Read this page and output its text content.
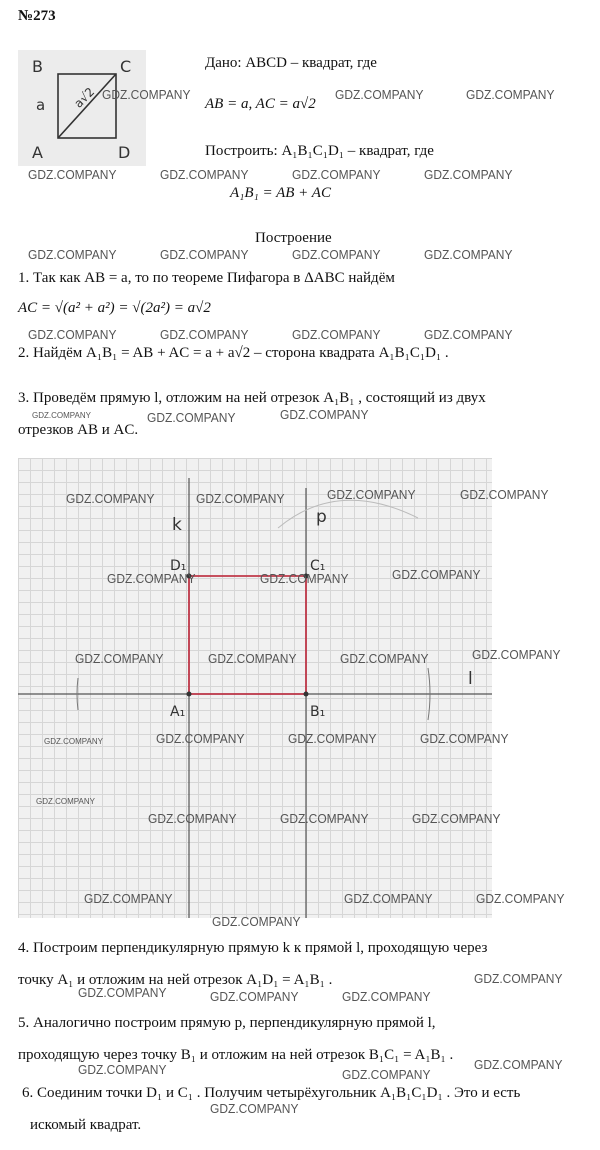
№273
B	C
A	D
a a√2
Дано: ABCD – квадрат, где
AB = a, AC = a√2
Построить: A₁B₁C₁D₁ – квадрат, где
A₁B₁ = AB + AC
Построение
1. Так как AB = a, то по теореме Пифагора в ΔABC найдём
AC = √(a² + a²) = √(2a²) = a√2
2. Найдём A₁B₁ = AB + AC = a + a√2 – сторона квадрата A₁B₁C₁D₁ .
3. Проведём прямую l, отложим на ней отрезок A₁B₁ , состоящий из двух
отрезков AB и AC.
k	p
l
D₁	C₁
A₁	B₁
4. Построим перпендикулярную прямую k к прямой l, проходящую через
точку A₁ и отложим на ней отрезок A₁D₁ = A₁B₁ .
5. Аналогично построим прямую p, перпендикулярную прямой l,
проходящую через точку B₁ и отложим на ней отрезок B₁C₁ = A₁B₁ .
6. Соединим точки D₁ и C₁ . Получим четырёхугольник A₁B₁C₁D₁ . Это и есть
искомый квадрат.
GDZ.COMPANY	GDZ.COMPANY	GDZ.COMPANY
GDZ.COMPANY	GDZ.COMPANY	GDZ.COMPANY	GDZ.COMPANY
GDZ.COMPANY	GDZ.COMPANY	GDZ.COMPANY	GDZ.COMPANY
GDZ.COMPANY	GDZ.COMPANY	GDZ.COMPANY	GDZ.COMPANY
GDZ.COMPANY	GDZ.COMPANY	GDZ.COMPANY
GDZ.COMPANY	GDZ.COMPANY	GDZ.COMPANY	GDZ.COMPANY
GDZ.COMPANY	GDZ.COMPANY	GDZ.COMPANY
GDZ.COMPANY	GDZ.COMPANY	GDZ.COMPANY	GDZ.COMPANY
GDZ.COMPANY	GDZ.COMPANY	GDZ.COMPANY	GDZ.COMPANY
GDZ.COMPANY
GDZ.COMPANY	GDZ.COMPANY	GDZ.COMPANY
GDZ.COMPANY
GDZ.COMPANY
GDZ.COMPANY	GDZ.COMPANY
GDZ.COMPANY	GDZ.COMPANY	GDZ.COMPANY
GDZ.COMPANY
GDZ.COMPANY	GDZ.COMPANY
GDZ.COMPANY
GDZ.COMPANY
